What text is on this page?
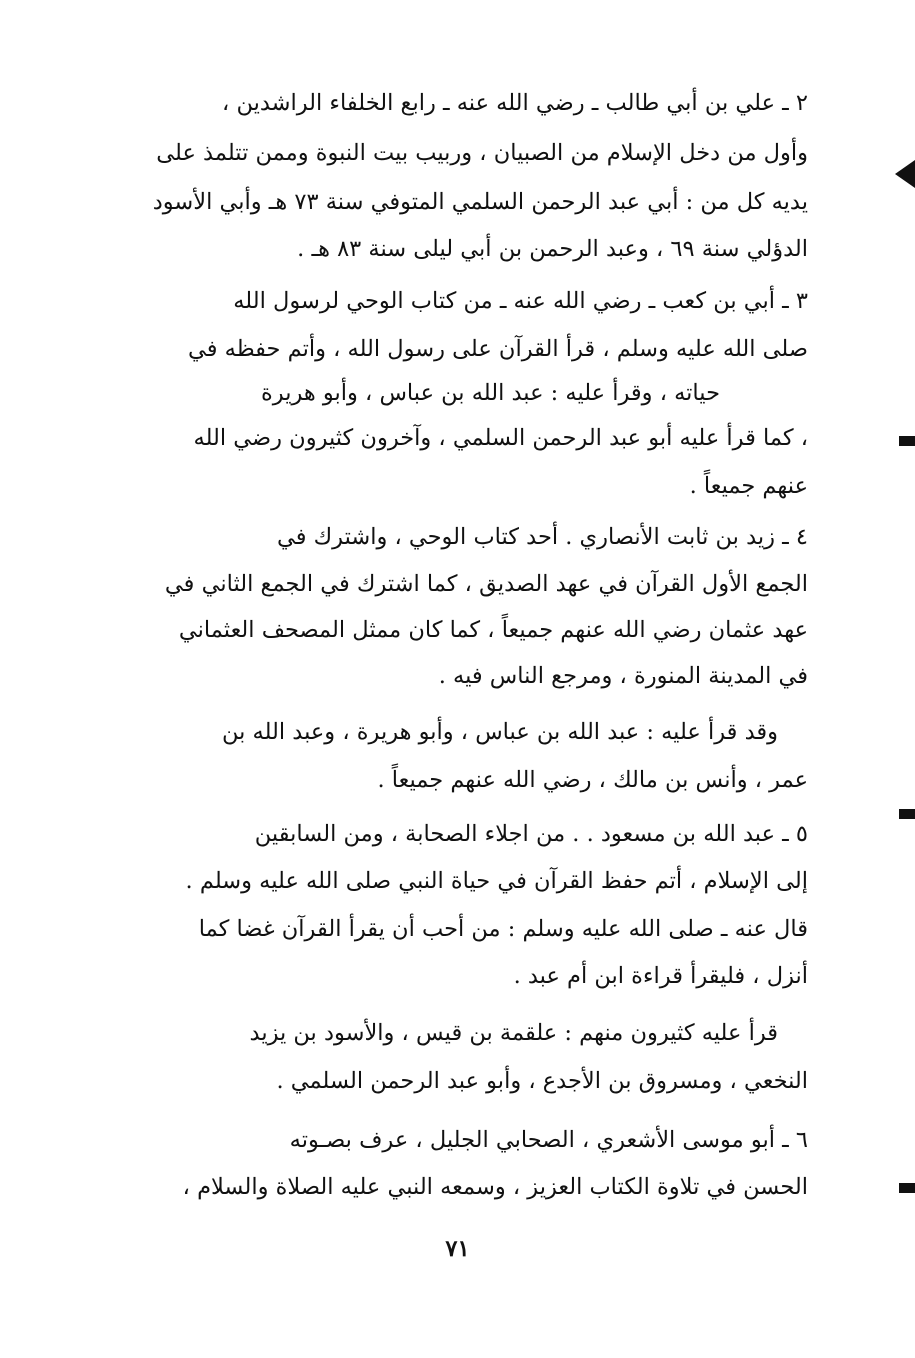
٢ ـ علي بن أبي طالب ـ رضي الله عنه ـ رابع الخلفاء الراشدين ،
وأول من دخل الإسلام من الصبيان ، وربيب بيت النبوة وممن تتلمذ على
يديه كل من : أبي عبد الرحمن السلمي المتوفي سنة ٧٣ هـ وأبي الأسود
الدؤلي سنة ٦٩ ، وعبد الرحمن بن أبي ليلى سنة ٨٣ هـ .
٣ ـ أبي بن كعب ـ رضي الله عنه ـ من كتاب الوحي لرسول الله
صلى الله عليه وسلم ، قرأ القرآن على رسول الله ، وأتم حفظه في
حياته ، وقرأ عليه : عبد الله بن عباس ، وأبو هريرة
، كما قرأ عليه أبو عبد الرحمن السلمي ، وآخرون كثيرون رضي الله
عنهم جميعاً .
٤ ـ زيد بن ثابت الأنصاري . أحد كتاب الوحي ، واشترك في
الجمع الأول القرآن في عهد الصديق ، كما اشترك في الجمع الثاني في
عهد عثمان رضي الله عنهم جميعاً ، كما كان ممثل المصحف العثماني
في المدينة المنورة ، ومرجع الناس فيه .
وقد قرأ عليه : عبد الله بن عباس ، وأبو هريرة ، وعبد الله بن
عمر ، وأنس بن مالك ، رضي الله عنهم جميعاً .
٥ ـ عبد الله بن مسعود . . من اجلاء الصحابة ، ومن السابقين
إلى الإسلام ، أتم حفظ القرآن في حياة النبي صلى الله عليه وسلم .
قال عنه ـ صلى الله عليه وسلم : من أحب أن يقرأ القرآن غضا كما
أنزل ، فليقرأ قراءة ابن أم عبد .
قرأ عليه كثيرون منهم : علقمة بن قيس ، والأسود بن يزيد
النخعي ، ومسروق بن الأجدع ، وأبو عبد الرحمن السلمي .
٦ ـ أبو موسى الأشعري ، الصحابي الجليل ، عرف بصـوته
الحسن في تلاوة الكتاب العزيز ، وسمعه النبي عليه الصلاة والسلام ،
٧١
